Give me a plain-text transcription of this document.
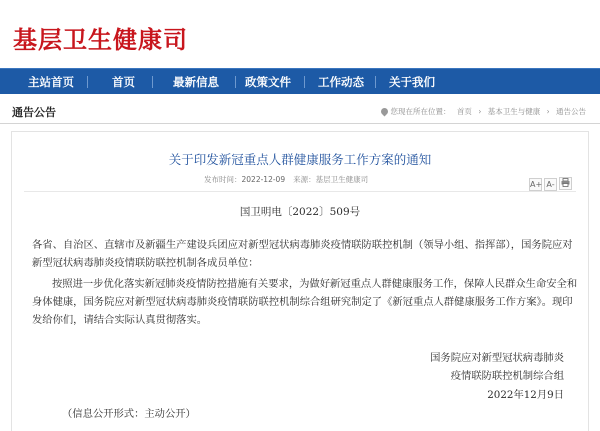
基层卫生健康司
主站首页	首页	最新信息 政策文件 工作动态 关于我们
通告公告	您现在所在位置： 首页 › 基本卫生与健康 › 通告公告
关于印发新冠重点人群健康服务工作方案的通知
发布时间：2022-12-09 来源：基层卫生健康司
A+ A-
国卫明电〔2022〕509号
各省、自治区、直辖市及新疆生产建设兵团应对新型冠状病毒肺炎疫情联防联控机制（领导小组、指挥部），国务院应对新型冠状病毒肺炎疫情联防联控机制各成员单位：
按照进一步优化落实新冠肺炎疫情防控措施有关要求，为做好新冠重点人群健康服务工作，保障人民群众生命安全和身体健康，国务院应对新型冠状病毒肺炎疫情联防联控机制综合组研究制定了《新冠重点人群健康服务工作方案》。现印发给你们，请结合实际认真贯彻落实。
国务院应对新型冠状病毒肺炎
疫情联防联控机制综合组
2022年12月9日
（信息公开形式：主动公开）
